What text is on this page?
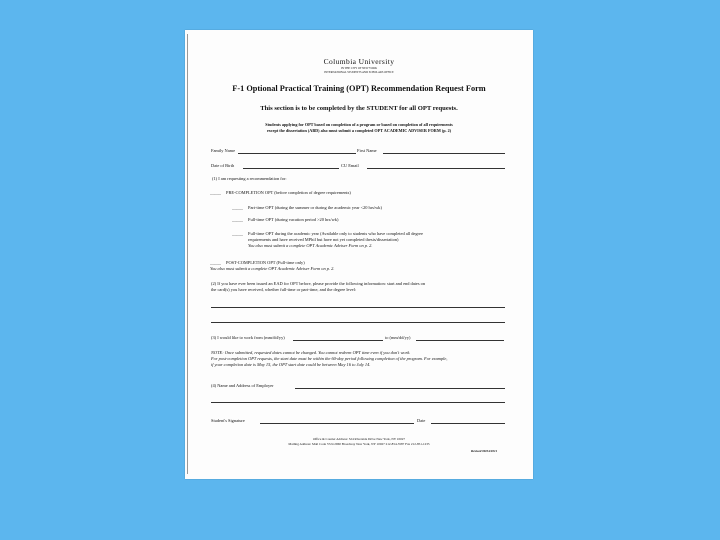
Columbia University
IN THE CITY OF NEW YORK
INTERNATIONAL STUDENTS AND SCHOLARS OFFICE
F-1 Optional Practical Training (OPT) Recommendation Request Form
This section is to be completed by the STUDENT for all OPT requests.
Students applying for OPT based on completion of a program or based on completion of all requirements
except the dissertation (ABD) also must submit a completed OPT ACADEMIC ADVISER FORM (p. 2)
Family Name	First Name
Date of Birth	CU Email
(1) I am requesting a recommendation for:
_____ PRE-COMPLETION OPT (before completion of degree requirements)
_____ Part-time OPT (during the summer or during the academic year <20 hrs/wk)
_____ Full-time OPT (during vacation period >20 hrs/wk)
_____ Full-time OPT during the academic year (Available only to students who have completed all degree
requirements and have received MPhil but have not yet completed thesis/dissertation)
You also must submit a complete OPT Academic Adviser Form on p. 2.
_____ POST-COMPLETION OPT (Full-time only)
You also must submit a complete OPT Academic Adviser Form on p. 2.
(2) If you have ever been issued an EAD for OPT before, please provide the following information: start and end dates on
the card(s) you have received, whether full-time or part-time, and the degree level:
(3) I would like to work from (mm/dd/yy)	to (mm/dd/yy)
NOTE: Once submitted, requested dates cannot be changed. You cannot redeem OPT time even if you don't work.
For post-completion OPT requests, the start date must be within the 60-day period following completion of the program. For example,
if your completion date is May 15, the OPT start date could be between May 16 to July 14.
(4) Name and Address of Employer
Student's Signature	Date
Office & Courier Address: 524 Riverside Drive New York, NY 10027
Mailing Address: Mail Code 5724 2960 Broadway New York, NY 10027 212-854-3587 Fax 212-851-1235
Revised 08/04/2011
